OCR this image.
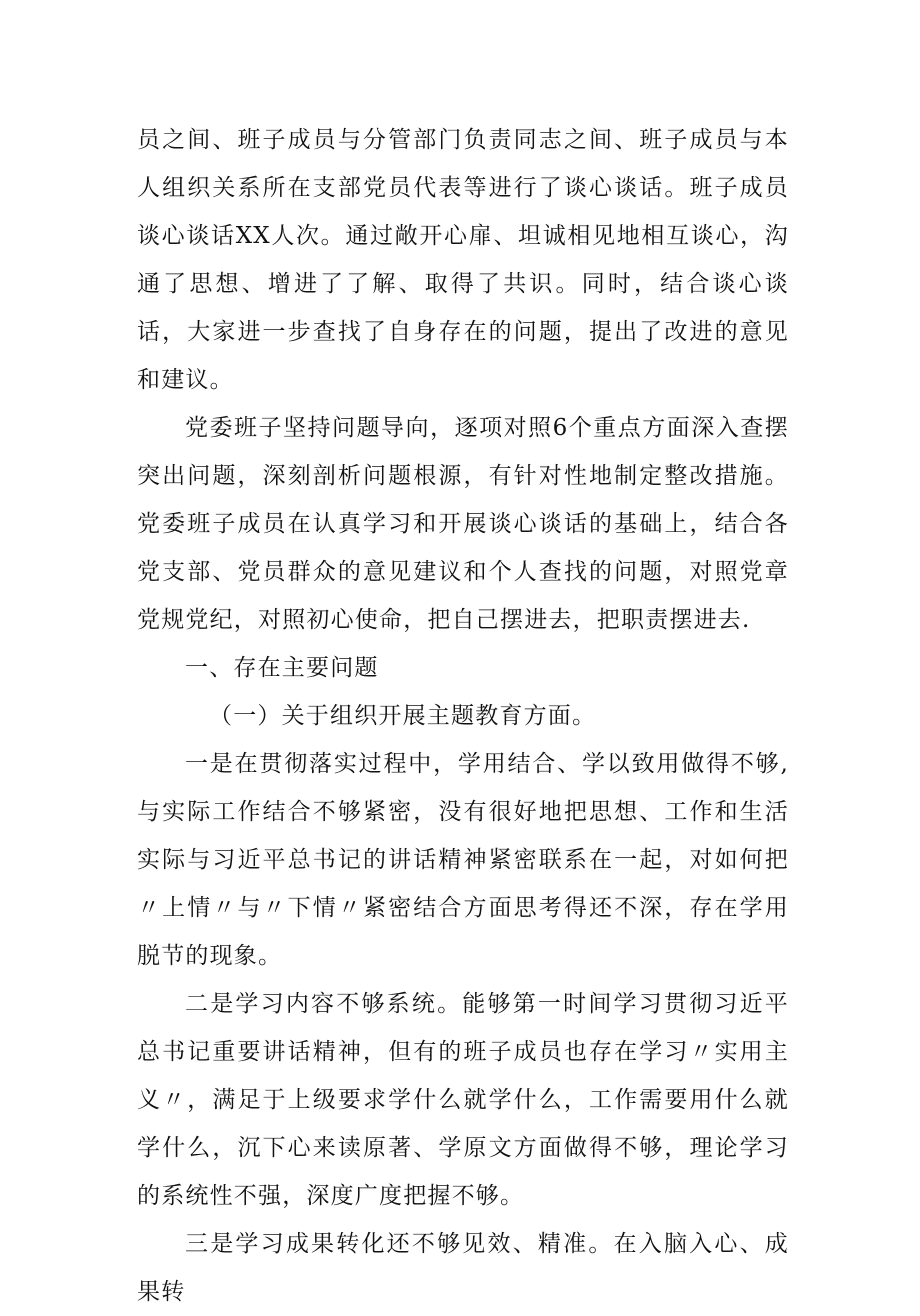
员之间、班子成员与分管部门负责同志之间、班子成员与本人组织关系所在支部党员代表等进行了谈心谈话。班子成员谈心谈话XX人次。通过敞开心扉、坦诚相见地相互谈心，沟通了思想、增进了了解、取得了共识。同时，结合谈心谈话，大家进一步查找了自身存在的问题，提出了改进的意见和建议。

党委班子坚持问题导向，逐项对照6个重点方面深入查摆突出问题，深刻剖析问题根源，有针对性地制定整改措施。党委班子成员在认真学习和开展谈心谈话的基础上，结合各党支部、党员群众的意见建议和个人查找的问题，对照党章党规党纪，对照初心使命，把自己摆进去，把职责摆进去.

一、存在主要问题

（一）关于组织开展主题教育方面。

一是在贯彻落实过程中，学用结合、学以致用做得不够,与实际工作结合不够紧密，没有很好地把思想、工作和生活实际与习近平总书记的讲话精神紧密联系在一起，对如何把〃上情〃与〃下情〃紧密结合方面思考得还不深，存在学用脱节的现象。

二是学习内容不够系统。能够第一时间学习贯彻习近平总书记重要讲话精神，但有的班子成员也存在学习〃实用主义〃，满足于上级要求学什么就学什么，工作需要用什么就学什么，沉下心来读原著、学原文方面做得不够，理论学习的系统性不强，深度广度把握不够。

三是学习成果转化还不够见效、精准。在入脑入心、成果转
